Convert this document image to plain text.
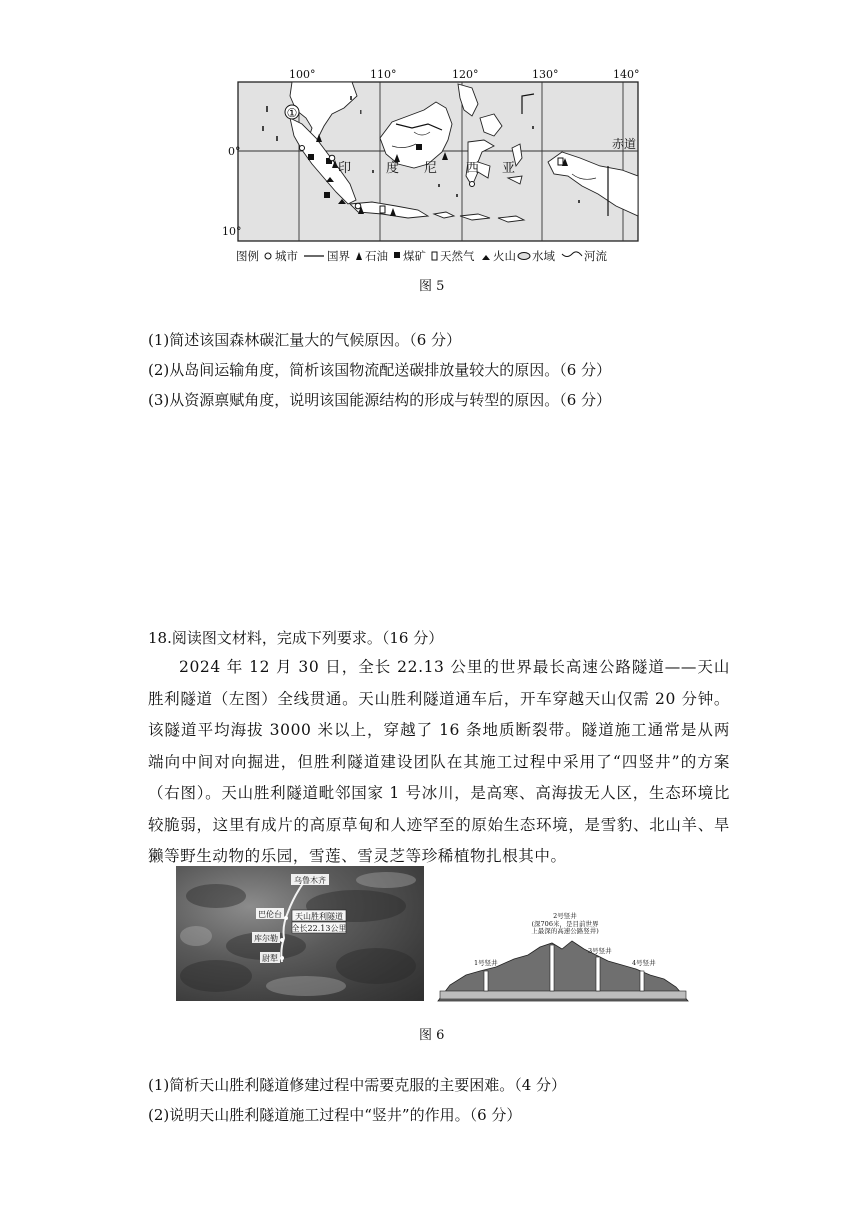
①
100°	110°	120°	130°	140°
0°
10°
赤道
印	度 尼 西 亚
图例 城市	国界 石油 煤矿 天然气 火山 水域	河流
图 5
(1)简述该国森林碳汇量大的气候原因。（6 分）
(2)从岛间运输角度，简析该国物流配送碳排放量较大的原因。（6 分）
(3)从资源禀赋角度，说明该国能源结构的形成与转型的原因。（6 分）
18.阅读图文材料，完成下列要求。（16 分）
2024 年 12 月 30 日，全长 22.13 公里的世界最长高速公路隧道——天山胜利隧道（左图）全线贯通。天山胜利隧道通车后，开车穿越天山仅需 20 分钟。该隧道平均海拔 3000 米以上，穿越了 16 条地质断裂带。隧道施工通常是从两端向中间对向掘进，但胜利隧道建设团队在其施工过程中采用了“四竖井”的方案（右图）。天山胜利隧道毗邻国家 1 号冰川，是高寒、高海拔无人区，生态环境比较脆弱，这里有成片的高原草甸和人迹罕至的原始生态环境，是雪豹、北山羊、旱獭等野生动物的乐园，雪莲、雪灵芝等珍稀植物扎根其中。
乌鲁木齐
巴伦台 天山胜利隧道
全长22.13公里
库尔勒
尉犁	1号竖井
3号竖井
4号竖井
2号竖井
(深706米，是目前世界
上最深的高速公路竖井)
图 6
(1)简析天山胜利隧道修建过程中需要克服的主要困难。（4 分）
(2)说明天山胜利隧道施工过程中“竖井”的作用。（6 分）
